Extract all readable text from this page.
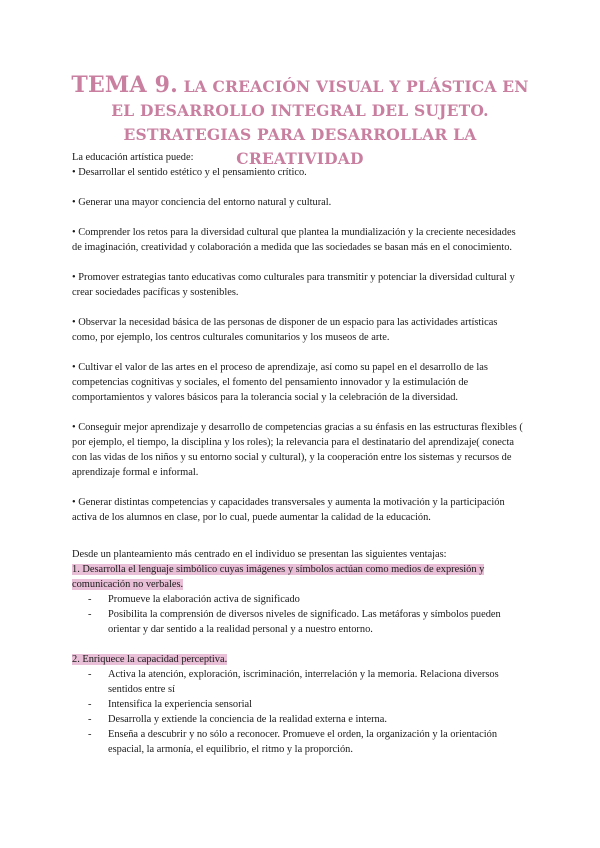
TEMA 9. LA CREACIÓN VISUAL Y PLÁSTICA EN EL DESARROLLO INTEGRAL DEL SUJETO. ESTRATEGIAS PARA DESARROLLAR LA CREATIVIDAD

La educación artística puede:

• Desarrollar el sentido estético y el pensamiento crítico.

• Generar una mayor conciencia del entorno natural y cultural.

• Comprender los retos para la diversidad cultural que plantea la mundialización y la creciente necesidades de imaginación, creatividad y colaboración a medida que las sociedades se basan más en el conocimiento.

• Promover estrategias tanto educativas como culturales para transmitir y potenciar la diversidad cultural y crear sociedades pacíficas y sostenibles.

• Observar la necesidad básica de las personas de disponer de un espacio para las actividades artísticas como, por ejemplo, los centros culturales comunitarios y los museos de arte.

• Cultivar el valor de las artes en el proceso de aprendizaje, así como su papel en el desarrollo de las competencias cognitivas y sociales, el fomento del pensamiento innovador y la estimulación de comportamientos y valores básicos para la tolerancia social y la celebración de la diversidad.

• Conseguir mejor aprendizaje y desarrollo de competencias gracias a su énfasis en las estructuras flexibles ( por ejemplo, el tiempo, la disciplina y los roles); la relevancia para el destinatario del aprendizaje( conecta con las vidas de los niños y su entorno social y cultural), y la cooperación entre los sistemas y recursos de aprendizaje formal e informal.

• Generar distintas competencias y capacidades transversales y aumenta la motivación y la participación activa de los alumnos en clase, por lo cual, puede aumentar la calidad de la educación.

Desde un planteamiento más centrado en el individuo se presentan las siguientes ventajas:

1. Desarrolla el lenguaje simbólico cuyas imágenes y símbolos actúan como medios de expresión y comunicación no verbales.

- Promueve la elaboración activa de significado

- Posibilita la comprensión de diversos niveles de significado. Las metáforas y símbolos pueden orientar y dar sentido a la realidad personal y a nuestro entorno.

2. Enriquece la capacidad perceptiva.

- Activa la atención, exploración, iscriminación, interrelación y la memoria. Relaciona diversos sentidos entre sí

- Intensifica la experiencia sensorial

- Desarrolla y extiende la conciencia de la realidad externa e interna.

- Enseña a descubrir y no sólo a reconocer. Promueve el orden, la organización y la orientación espacial, la armonía, el equilibrio, el ritmo y la proporción.
